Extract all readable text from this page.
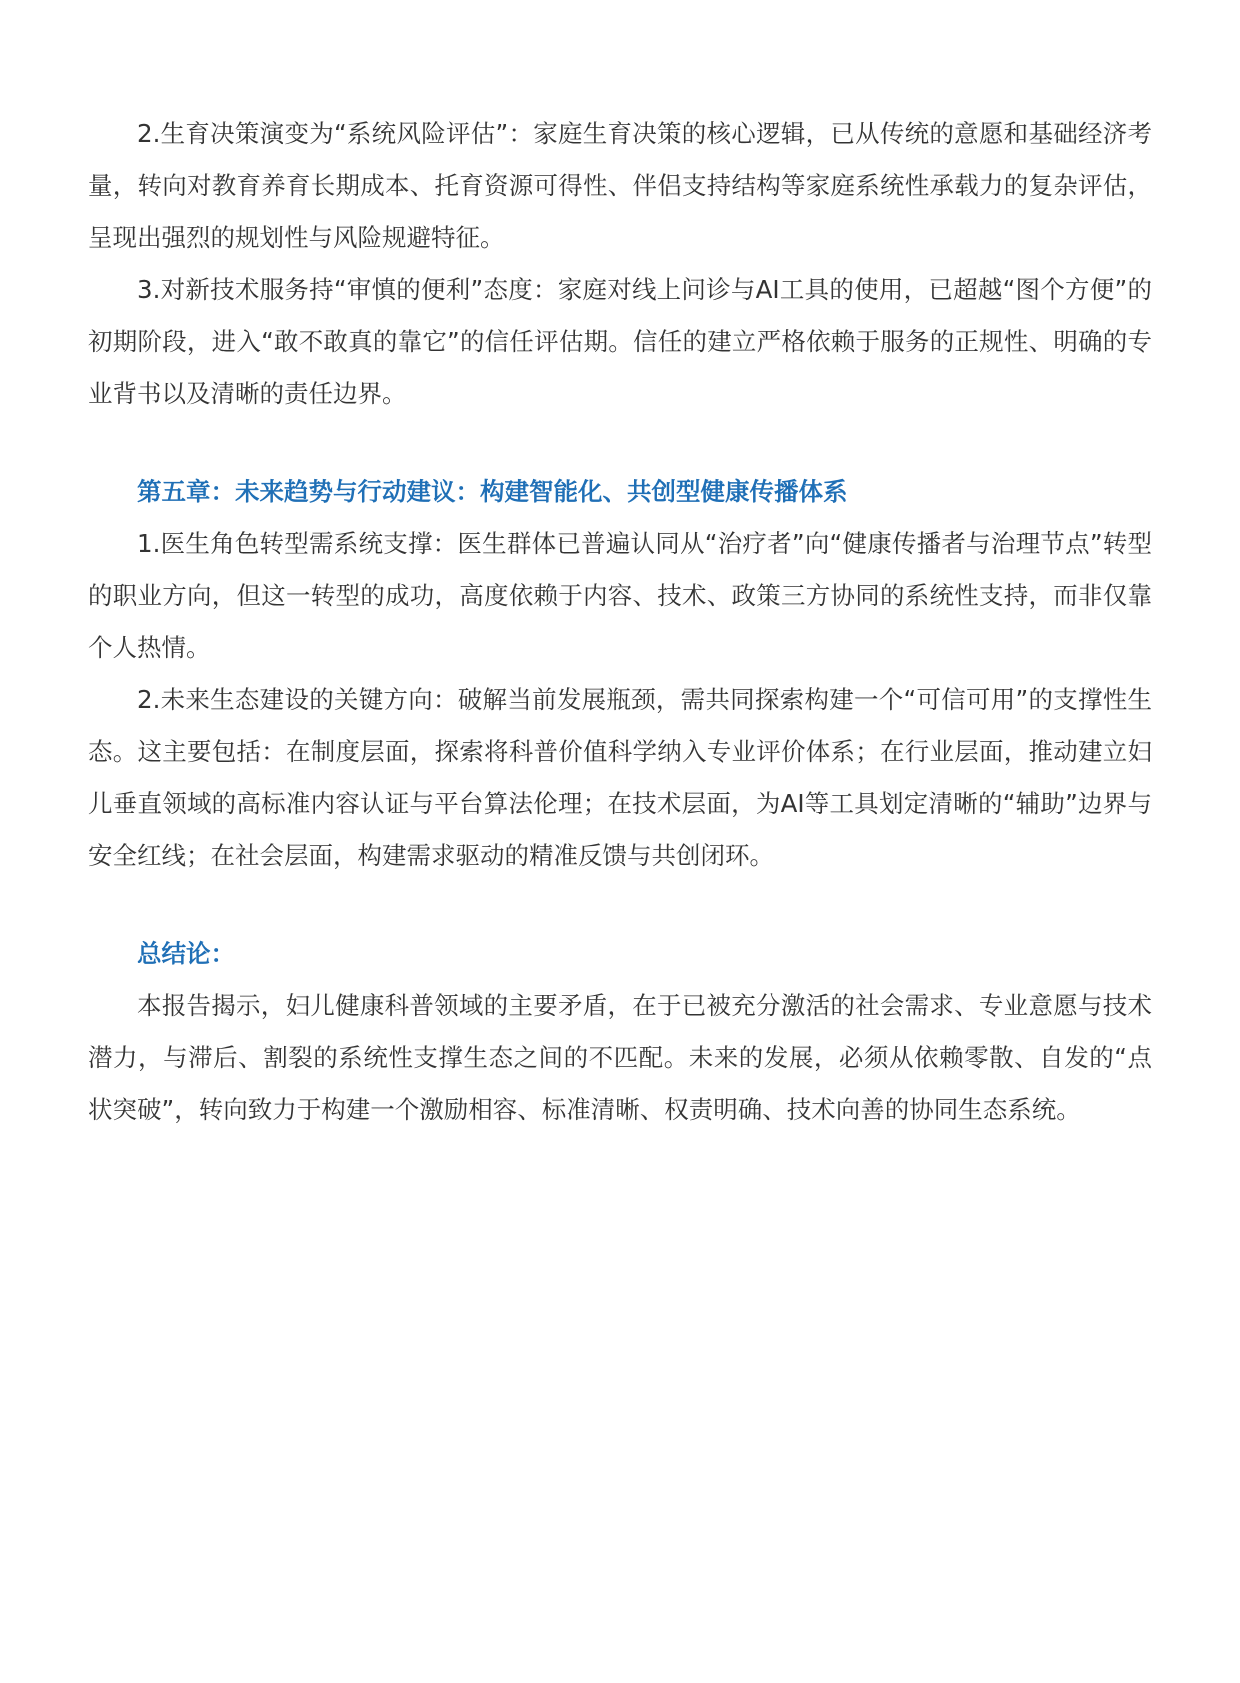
2.生育决策演变为“系统风险评估”：家庭生育决策的核心逻辑，已从传统的意愿和基础经济考量，转向对教育养育长期成本、托育资源可得性、伴侣支持结构等家庭系统性承载力的复杂评估，呈现出强烈的规划性与风险规避特征。

3.对新技术服务持“审慎的便利”态度：家庭对线上问诊与AI工具的使用，已超越“图个方便”的初期阶段，进入“敢不敢真的靠它”的信任评估期。信任的建立严格依赖于服务的正规性、明确的专业背书以及清晰的责任边界。

第五章：未来趋势与行动建议：构建智能化、共创型健康传播体系

1.医生角色转型需系统支撑：医生群体已普遍认同从“治疗者”向“健康传播者与治理节点”转型的职业方向，但这一转型的成功，高度依赖于内容、技术、政策三方协同的系统性支持，而非仅靠个人热情。

2.未来生态建设的关键方向：破解当前发展瓶颈，需共同探索构建一个“可信可用”的支撑性生态。这主要包括：在制度层面，探索将科普价值科学纳入专业评价体系；在行业层面，推动建立妇儿垂直领域的高标准内容认证与平台算法伦理；在技术层面，为AI等工具划定清晰的“辅助”边界与安全红线；在社会层面，构建需求驱动的精准反馈与共创闭环。

总结论：

本报告揭示，妇儿健康科普领域的主要矛盾，在于已被充分激活的社会需求、专业意愿与技术潜力，与滞后、割裂的系统性支撑生态之间的不匹配。未来的发展，必须从依赖零散、自发的“点状突破”，转向致力于构建一个激励相容、标准清晰、权责明确、技术向善的协同生态系统。
